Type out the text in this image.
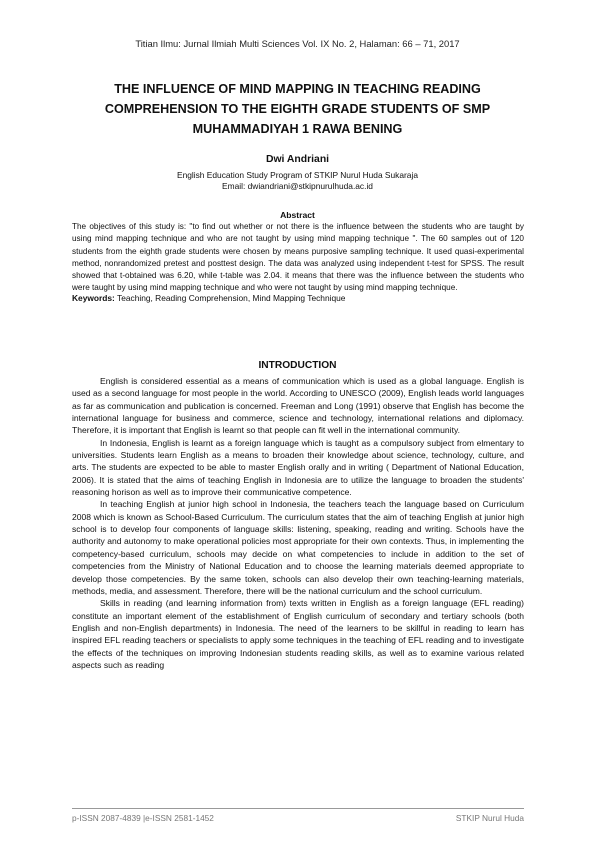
Titian Ilmu: Jurnal Ilmiah Multi Sciences Vol. IX No. 2, Halaman: 66 – 71, 2017
THE INFLUENCE OF MIND MAPPING IN TEACHING READING
COMPREHENSION TO THE EIGHTH GRADE STUDENTS OF SMP
MUHAMMADIYAH 1 RAWA BENING
Dwi Andriani
English Education Study Program of STKIP Nurul Huda Sukaraja
Email: dwiandriani@stkipnurulhuda.ac.id
Abstract

The objectives of this study is: "to find out whether or not there is the influence between the students who are taught by using mind mapping technique and who are not taught by using mind mapping technique ". The 60 samples out of 120 students from the eighth grade students were chosen by means purposive sampling technique. It used quasi-experimental method, nonrandomized pretest and posttest design. The data was analyzed using independent t-test for SPSS. The result showed that t-obtained was 6.20, while t-table was 2.04. it means that there was the influence between the students who were taught by using mind mapping technique and who were not taught by using mind mapping technique.

Keywords: Teaching, Reading Comprehension, Mind Mapping Technique

INTRODUCTION

English is considered essential as a means of communication which is used as a global language. English is used as a second language for most people in the world. According to UNESCO (2009), English leads world languages as far as communication and publication is concerned. Freeman and Long (1991) observe that English has become the international language for business and commerce, science and technology, international relations and diplomacy. Therefore, it is important that English is learnt so that people can fit well in the international community.

In Indonesia, English is learnt as a foreign language which is taught as a compulsory subject from elmentary to universities. Students learn English as a means to broaden their knowledge about science, technology, culture, and arts. The students are expected to be able to master English orally and in writing ( Department of National Education, 2006). It is stated that the aims of teaching English in Indonesia are to utilize the language to broaden the students' reasoning horison as well as to improve their communicative competence.

In teaching English at junior high school in Indonesia, the teachers teach the language based on Curriculum 2008 which is known as School-Based Curriculum. The curriculum states that the aim of teaching English at junior high school is to develop four components of language skills: listening, speaking, reading and writing. Schools have the authority and autonomy to make operational policies most appropriate for their own contexts. Thus, in implementing the competency-based curriculum, schools may decide on what competencies to include in addition to the set of competencies from the Ministry of National Education and to choose the learning materials deemed appropriate to develop those competencies. By the same token, schools can also develop their own teaching-learning materials, methods, media, and assessment. Therefore, there will be the national curriculum and the school curriculum.

Skills in reading (and learning information from) texts written in English as a foreign language (EFL reading) constitute an important element of the establishment of English curriculum of secondary and tertiary schools (both English and non-English departments) in Indonesia. The need of the learners to be skillful in reading to learn has inspired EFL reading teachers or specialists to apply some techniques in the teaching of EFL reading and to investigate the effects of the techniques on improving Indonesian students reading skills, as well as to examine various related aspects such as reading

p-ISSN 2087-4839 |e-ISSN 2581-1452	STKIP Nurul Huda
